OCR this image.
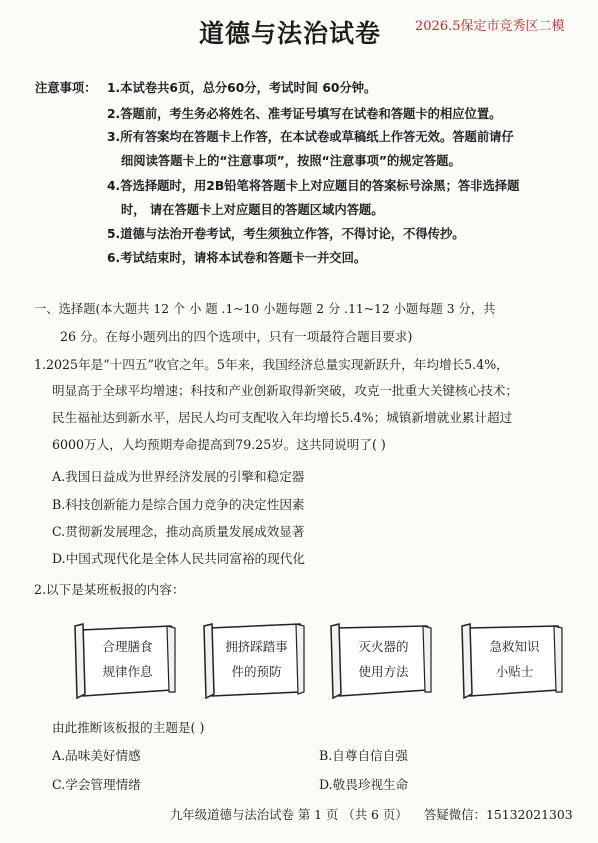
道德与法治试卷	2026.5保定市竞秀区二模
注意事项： 1.本试卷共6页，总分60分，考试时间 60分钟。
2.答题前，考生务必将姓名、准考证号填写在试卷和答题卡的相应位置。
3.所有答案均在答题卡上作答，在本试卷或草稿纸上作答无效。答题前请仔
细阅读答题卡上的“注意事项”，按照“注意事项”的规定答题。
4.答选择题时，用2B铅笔将答题卡上对应题目的答案标号涂黑；答非选择题
时， 请在答题卡上对应题目的答题区域内答题。
5.道德与法治开卷考试，考生须独立作答，不得讨论，不得传抄。
6.考试结束时，请将本试卷和答题卡一并交回。
一、选择题(本大题共 12 个 小 题 .1~10 小题每题 2 分 .11~12 小题每题 3 分，共
26 分。在每小题列出的四个选项中，只有一项最符合题目要求)
1.2025年是“十四五”收官之年。5年来，我国经济总量实现新跃升，年均增长5.4%，
明显高于全球平均增速；科技和产业创新取得新突破，攻克一批重大关键核心技术；
民生福祉达到新水平，居民人均可支配收入年均增长5.4%；城镇新增就业累计超过
6000万人，人均预期寿命提高到79.25岁。这共同说明了( )
A.我国日益成为世界经济发展的引擎和稳定器
B.科技创新能力是综合国力竞争的决定性因素
C.贯彻新发展理念，推动高质量发展成效显著
D.中国式现代化是全体人民共同富裕的现代化
2.以下是某班板报的内容：
合理膳食
规律作息
拥挤踩踏事
件的预防
灭火器的
使用方法
急救知识
小贴士
由此推断该板报的主题是( )
A.品味美好情感	B.自尊自信自强
C.学会管理情绪	D.敬畏珍视生命
九年级道德与法治试卷 第 1 页 （共 6 页） 答疑微信：15132021303
